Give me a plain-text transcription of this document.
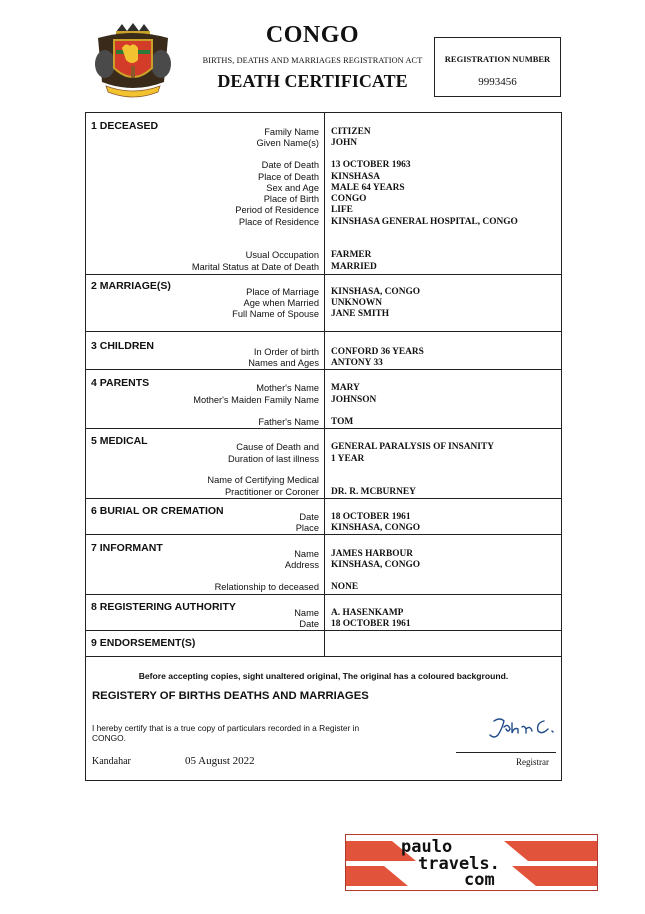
CONGO
BIRTHS, DEATHS AND MARRIAGES REGISTRATION ACT
DEATH CERTIFICATE
REGISTRATION NUMBER
9993456
1 DECEASED	Family Name CITIZEN
Given Name(s) JOHN
Date of Death 13 OCTOBER 1963
Place of Death KINSHASA
Sex and Age MALE 64 YEARS
Place of Birth CONGO
Period of Residence LIFE
Place of Residence KINSHASA GENERAL HOSPITAL, CONGO
Usual Occupation FARMER
Marital Status at Date of Death MARRIED
2 MARRIAGE(S)	Place of Marriage KINSHASA, CONGO
Age when Married UNKNOWN
Full Name of Spouse JANE SMITH
3 CHILDREN	In Order of birth CONFORD 36 YEARS
Names and Ages ANTONY 33
4 PARENTS	Mother's Name MARY
Mother's Maiden Family Name JOHNSON
Father's Name TOM
5 MEDICAL	Cause of Death and GENERAL PARALYSIS OF INSANITY
Duration of last illness 1 YEAR
Name of Certifying Medical
Practitioner or Coroner DR. R. MCBURNEY
6 BURIAL OR CREMATION	Date 18 OCTOBER 1961
Place KINSHASA, CONGO
7 INFORMANT	Name JAMES HARBOUR
Address KINSHASA, CONGO
Relationship to deceased NONE
8 REGISTERING AUTHORITY	Name A. HASENKAMP
Date 18 OCTOBER 1961
9 ENDORSEMENT(S)
Before accepting copies, sight unaltered original, The original has a coloured background.
REGISTERY OF BIRTHS DEATHS AND MARRIAGES
I hereby certify that is a true copy of particulars recorded in a Register in CONGO.
Kandahar	05 August 2022	Registrar
paulo
travels.
com
